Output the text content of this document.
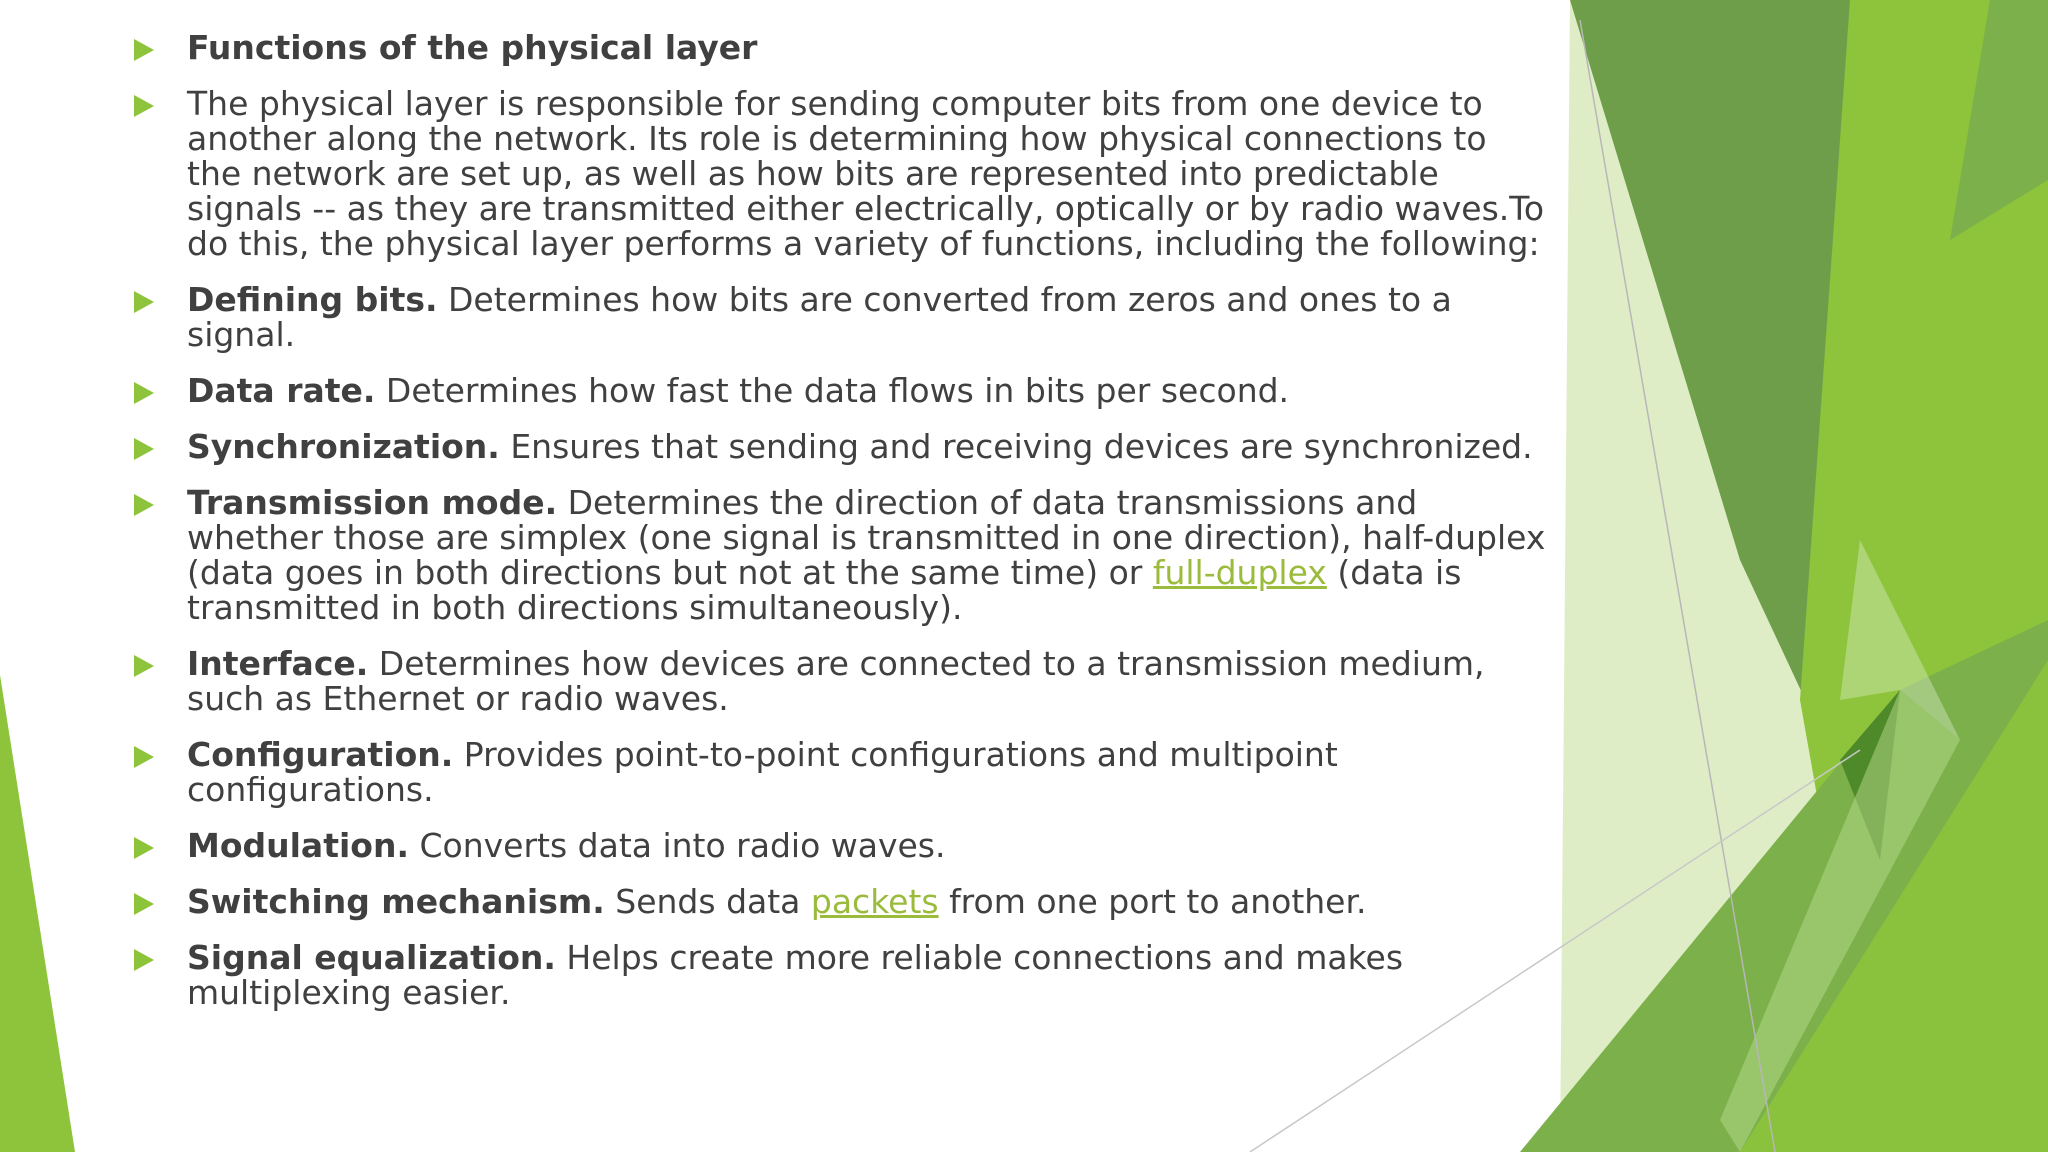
Functions of the physical layer
The physical layer is responsible for sending computer bits from one device to another along the network. Its role is determining how physical connections to the network are set up, as well as how bits are represented into predictable signals -- as they are transmitted either electrically, optically or by radio waves.To do this, the physical layer performs a variety of functions, including the following:
Defining bits. Determines how bits are converted from zeros and ones to a signal.
Data rate. Determines how fast the data flows in bits per second.
Synchronization. Ensures that sending and receiving devices are synchronized.
Transmission mode. Determines the direction of data transmissions and whether those are simplex (one signal is transmitted in one direction), half-duplex (data goes in both directions but not at the same time) or full-duplex (data is transmitted in both directions simultaneously).
Interface. Determines how devices are connected to a transmission medium, such as Ethernet or radio waves.
Configuration. Provides point-to-point configurations and multipoint configurations.
Modulation. Converts data into radio waves.
Switching mechanism. Sends data packets from one port to another.
Signal equalization. Helps create more reliable connections and makes multiplexing easier.
